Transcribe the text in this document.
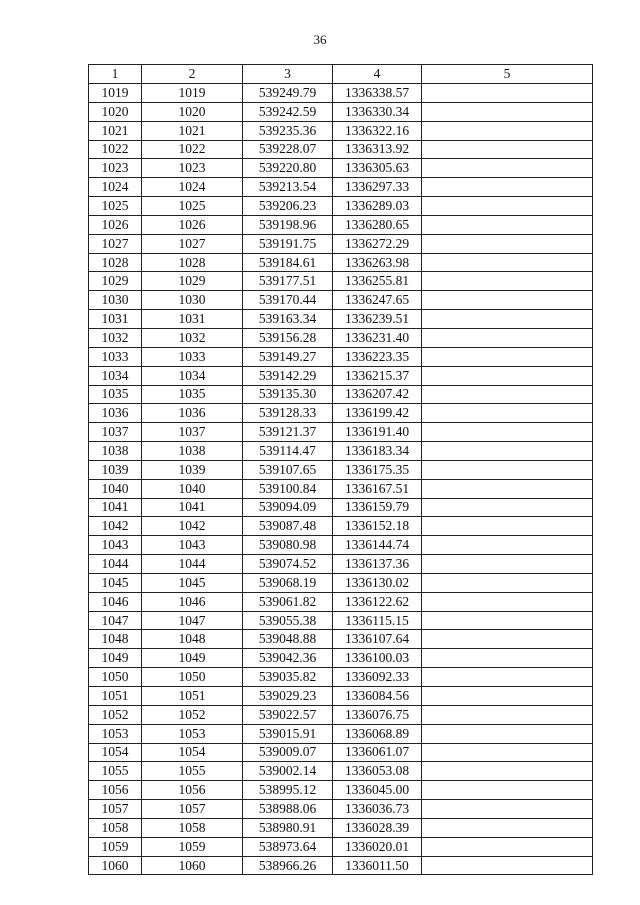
36
1	2	3	4	5
1019	1019	539249.79	1336338.57	
1020	1020	539242.59	1336330.34	
1021	1021	539235.36	1336322.16	
1022	1022	539228.07	1336313.92	
1023	1023	539220.80	1336305.63	
1024	1024	539213.54	1336297.33	
1025	1025	539206.23	1336289.03	
1026	1026	539198.96	1336280.65	
1027	1027	539191.75	1336272.29	
1028	1028	539184.61	1336263.98	
1029	1029	539177.51	1336255.81	
1030	1030	539170.44	1336247.65	
1031	1031	539163.34	1336239.51	
1032	1032	539156.28	1336231.40	
1033	1033	539149.27	1336223.35	
1034	1034	539142.29	1336215.37	
1035	1035	539135.30	1336207.42	
1036	1036	539128.33	1336199.42	
1037	1037	539121.37	1336191.40	
1038	1038	539114.47	1336183.34	
1039	1039	539107.65	1336175.35	
1040	1040	539100.84	1336167.51	
1041	1041	539094.09	1336159.79	
1042	1042	539087.48	1336152.18	
1043	1043	539080.98	1336144.74	
1044	1044	539074.52	1336137.36	
1045	1045	539068.19	1336130.02	
1046	1046	539061.82	1336122.62	
1047	1047	539055.38	1336115.15	
1048	1048	539048.88	1336107.64	
1049	1049	539042.36	1336100.03	
1050	1050	539035.82	1336092.33	
1051	1051	539029.23	1336084.56	
1052	1052	539022.57	1336076.75	
1053	1053	539015.91	1336068.89	
1054	1054	539009.07	1336061.07	
1055	1055	539002.14	1336053.08	
1056	1056	538995.12	1336045.00	
1057	1057	538988.06	1336036.73	
1058	1058	538980.91	1336028.39	
1059	1059	538973.64	1336020.01	
1060	1060	538966.26	1336011.50	
